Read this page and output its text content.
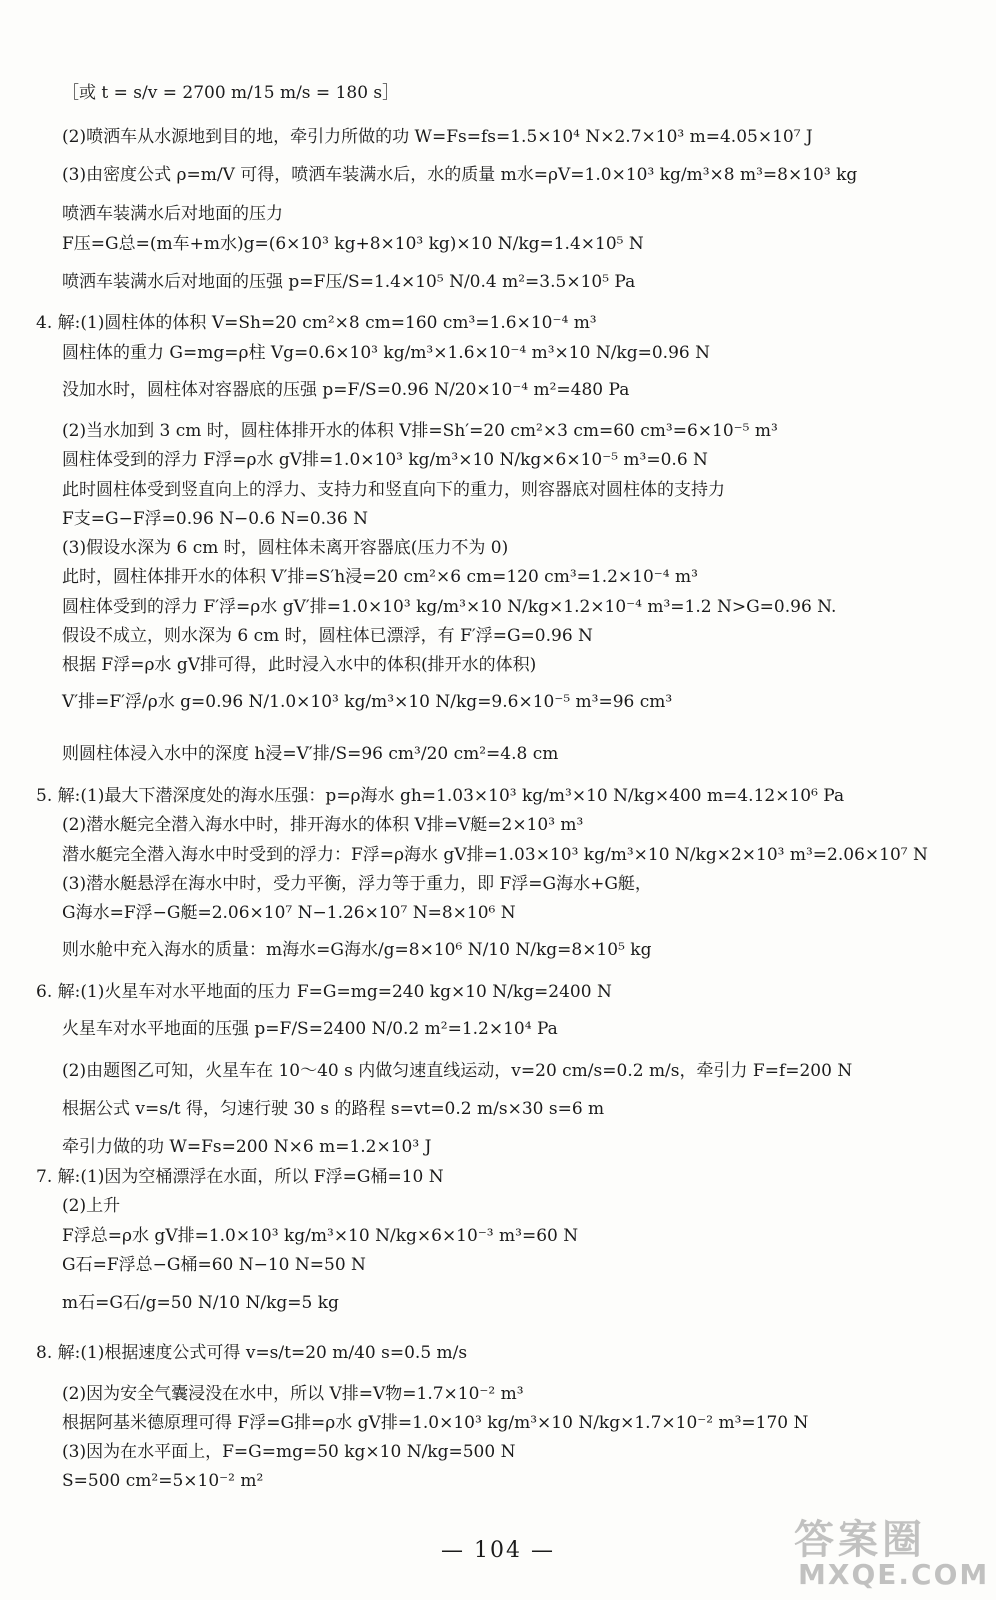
［或 t = s/v = 2700 m/15 m/s = 180 s］
(2)喷洒车从水源地到目的地，牵引力所做的功 W=Fs=fs=1.5×10⁴ N×2.7×10³ m=4.05×10⁷ J
(3)由密度公式 ρ=m/V 可得，喷洒车装满水后，水的质量 m水=ρV=1.0×10³ kg/m³×8 m³=8×10³ kg
喷洒车装满水后对地面的压力
F压=G总=(m车+m水)g=(6×10³ kg+8×10³ kg)×10 N/kg=1.4×10⁵ N
喷洒车装满水后对地面的压强 p=F压/S=1.4×10⁵ N/0.4 m²=3.5×10⁵ Pa
4. 解:(1)圆柱体的体积 V=Sh=20 cm²×8 cm=160 cm³=1.6×10⁻⁴ m³
圆柱体的重力 G=mg=ρ柱 Vg=0.6×10³ kg/m³×1.6×10⁻⁴ m³×10 N/kg=0.96 N
没加水时，圆柱体对容器底的压强 p=F/S=0.96 N/20×10⁻⁴ m²=480 Pa
(2)当水加到 3 cm 时，圆柱体排开水的体积 V排=Sh′=20 cm²×3 cm=60 cm³=6×10⁻⁵ m³
圆柱体受到的浮力 F浮=ρ水 gV排=1.0×10³ kg/m³×10 N/kg×6×10⁻⁵ m³=0.6 N
此时圆柱体受到竖直向上的浮力、支持力和竖直向下的重力，则容器底对圆柱体的支持力
F支=G−F浮=0.96 N−0.6 N=0.36 N
(3)假设水深为 6 cm 时，圆柱体未离开容器底(压力不为 0)
此时，圆柱体排开水的体积 V′排=S′h浸=20 cm²×6 cm=120 cm³=1.2×10⁻⁴ m³
圆柱体受到的浮力 F′浮=ρ水 gV′排=1.0×10³ kg/m³×10 N/kg×1.2×10⁻⁴ m³=1.2 N>G=0.96 N.
假设不成立，则水深为 6 cm 时，圆柱体已漂浮，有 F′浮=G=0.96 N
根据 F浮=ρ水 gV排可得，此时浸入水中的体积(排开水的体积)
V′排=F′浮/ρ水 g=0.96 N/1.0×10³ kg/m³×10 N/kg=9.6×10⁻⁵ m³=96 cm³
则圆柱体浸入水中的深度 h浸=V′排/S=96 cm³/20 cm²=4.8 cm
5. 解:(1)最大下潜深度处的海水压强：p=ρ海水 gh=1.03×10³ kg/m³×10 N/kg×400 m=4.12×10⁶ Pa
(2)潜水艇完全潜入海水中时，排开海水的体积 V排=V艇=2×10³ m³
潜水艇完全潜入海水中时受到的浮力：F浮=ρ海水 gV排=1.03×10³ kg/m³×10 N/kg×2×10³ m³=2.06×10⁷ N
(3)潜水艇悬浮在海水中时，受力平衡，浮力等于重力，即 F浮=G海水+G艇，
G海水=F浮−G艇=2.06×10⁷ N−1.26×10⁷ N=8×10⁶ N
则水舱中充入海水的质量：m海水=G海水/g=8×10⁶ N/10 N/kg=8×10⁵ kg
6. 解:(1)火星车对水平地面的压力 F=G=mg=240 kg×10 N/kg=2400 N
火星车对水平地面的压强 p=F/S=2400 N/0.2 m²=1.2×10⁴ Pa
(2)由题图乙可知，火星车在 10～40 s 内做匀速直线运动，v=20 cm/s=0.2 m/s，牵引力 F=f=200 N
根据公式 v=s/t 得，匀速行驶 30 s 的路程 s=vt=0.2 m/s×30 s=6 m
牵引力做的功 W=Fs=200 N×6 m=1.2×10³ J
7. 解:(1)因为空桶漂浮在水面，所以 F浮=G桶=10 N
(2)上升
F浮总=ρ水 gV排=1.0×10³ kg/m³×10 N/kg×6×10⁻³ m³=60 N
G石=F浮总−G桶=60 N−10 N=50 N
m石=G石/g=50 N/10 N/kg=5 kg
8. 解:(1)根据速度公式可得 v=s/t=20 m/40 s=0.5 m/s
(2)因为安全气囊浸没在水中，所以 V排=V物=1.7×10⁻² m³
根据阿基米德原理可得 F浮=G排=ρ水 gV排=1.0×10³ kg/m³×10 N/kg×1.7×10⁻² m³=170 N
(3)因为在水平面上，F=G=mg=50 kg×10 N/kg=500 N
S=500 cm²=5×10⁻² m²
— 104 —	答案圈
MXQE.COM
